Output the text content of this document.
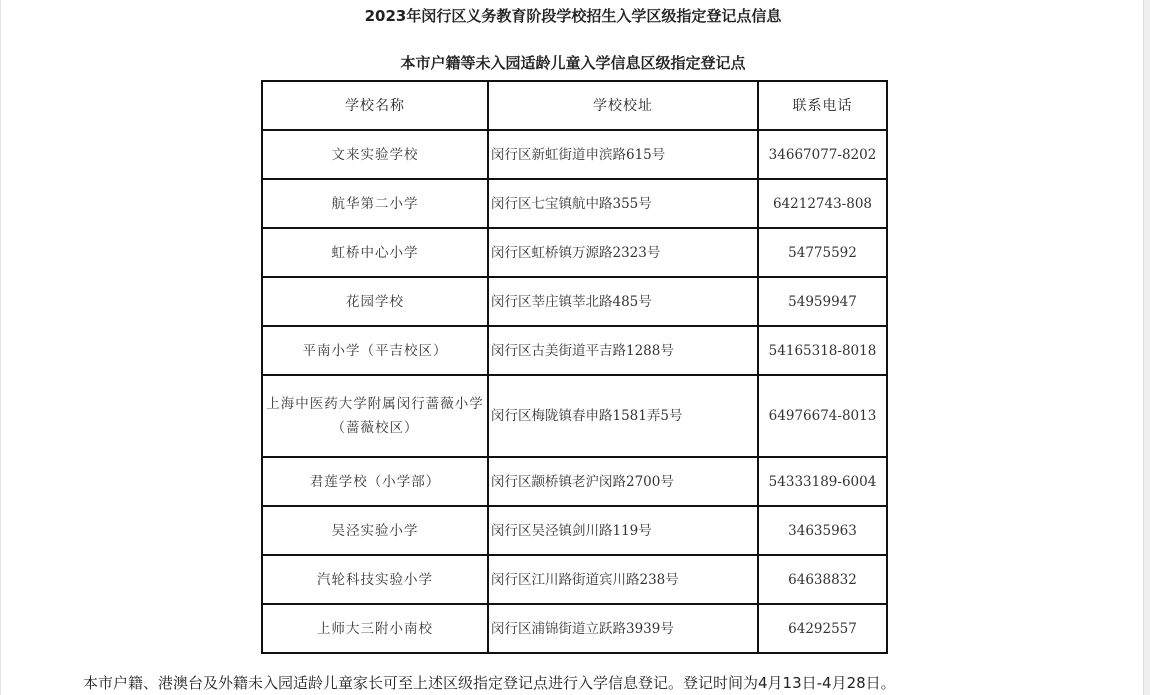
2023年闵行区义务教育阶段学校招生入学区级指定登记点信息
本市户籍等未入园适龄儿童入学信息区级指定登记点
学校名称	学校校址	联系电话
文来实验学校	闵行区新虹街道申滨路615号	34667077-8202
航华第二小学	闵行区七宝镇航中路355号	64212743-808
虹桥中心小学	闵行区虹桥镇万源路2323号	54775592
花园学校	闵行区莘庄镇莘北路485号	54959947
平南小学（平吉校区）	闵行区古美街道平吉路1288号	54165318-8018
上海中医药大学附属闵行蔷薇小学（蔷薇校区）	闵行区梅陇镇春申路1581弄5号	64976674-8013
君莲学校（小学部）	闵行区颛桥镇老沪闵路2700号	54333189-6004
吴泾实验小学	闵行区吴泾镇剑川路119号	34635963
汽轮科技实验小学	闵行区江川路街道宾川路238号	64638832
上师大三附小南校	闵行区浦锦街道立跃路3939号	64292557
本市户籍、港澳台及外籍未入园适龄儿童家长可至上述区级指定登记点进行入学信息登记。登记时间为4月13日-4月28日。
